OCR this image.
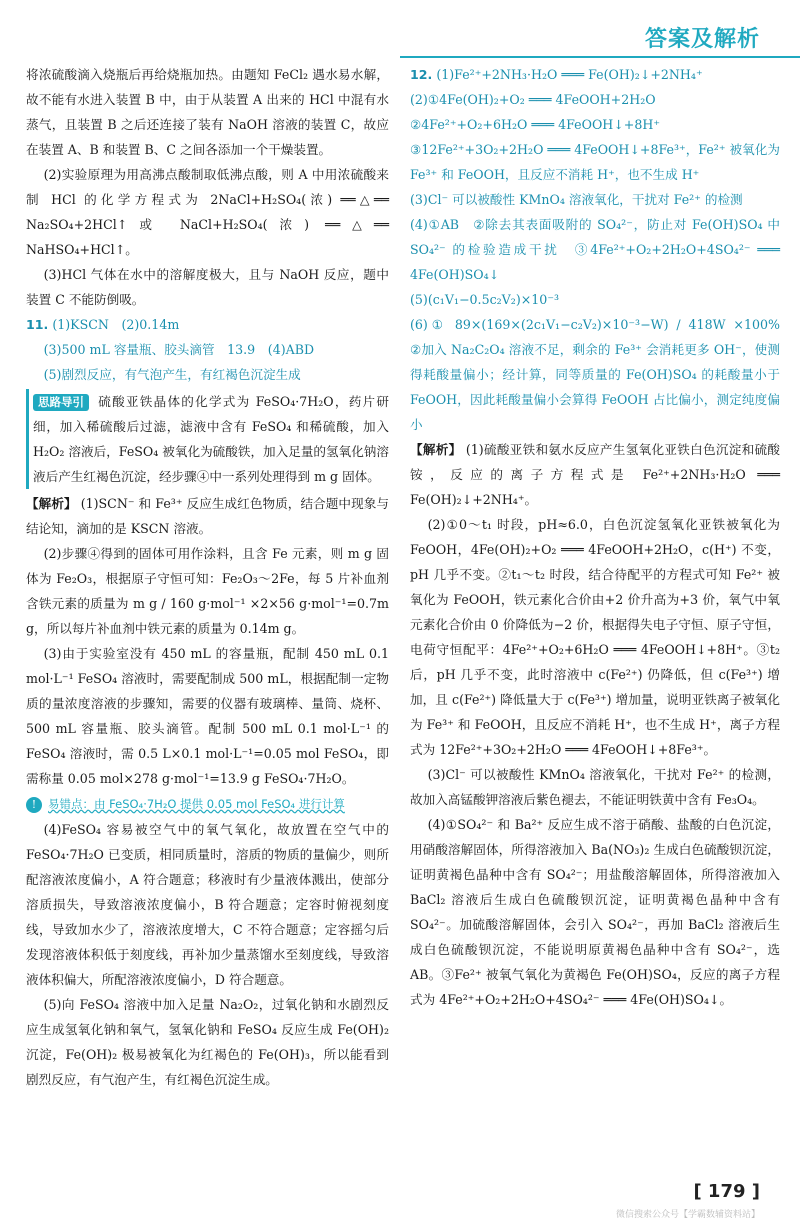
答案及解析

将浓硫酸滴入烧瓶后再给烧瓶加热。由题知 FeCl₂ 遇水易水解，故不能有水进入装置 B 中，由于从装置 A 出来的 HCl 中混有水蒸气，且装置 B 之后还连接了装有 NaOH 溶液的装置 C，故应在装置 A、B 和装置 B、C 之间各添加一个干燥装置。

(2)实验原理为用高沸点酸制取低沸点酸，则 A 中用浓硫酸来制 HCl 的化学方程式为 2NaCl+H₂SO₄(浓) ══△══ Na₂SO₄+2HCl↑或 NaCl+H₂SO₄(浓) ══△══ NaHSO₄+HCl↑。

(3)HCl 气体在水中的溶解度极大，且与 NaOH 反应，题中装置 C 不能防倒吸。

11. (1)KSCN　(2)0.14m

(3)500 mL 容量瓶、胶头滴管　13.9　(4)ABD

(5)剧烈反应，有气泡产生，有红褐色沉淀生成

思路导引 硫酸亚铁晶体的化学式为 FeSO₄·7H₂O，药片研细，加入稀硫酸后过滤，滤液中含有 FeSO₄ 和稀硫酸，加入 H₂O₂ 溶液后，FeSO₄ 被氧化为硫酸铁，加入足量的氢氧化钠溶液后产生红褐色沉淀，经步骤④中一系列处理得到 m g 固体。

【解析】 (1)SCN⁻ 和 Fe³⁺ 反应生成红色物质，结合题中现象与结论知，滴加的是 KSCN 溶液。

(2)步骤④得到的固体可用作涂料，且含 Fe 元素，则 m g 固体为 Fe₂O₃，根据原子守恒可知：Fe₂O₃～2Fe，每 5 片补血剂含铁元素的质量为 m g / 160 g·mol⁻¹ ×2×56 g·mol⁻¹=0.7m g，所以每片补血剂中铁元素的质量为 0.14m g。

(3)由于实验室没有 450 mL 的容量瓶，配制 450 mL 0.1 mol·L⁻¹ FeSO₄ 溶液时，需要配制成 500 mL，根据配制一定物质的量浓度溶液的步骤知，需要的仪器有玻璃棒、量筒、烧杯、500 mL 容量瓶、胶头滴管。配制 500 mL 0.1 mol·L⁻¹ 的 FeSO₄ 溶液时，需 0.5 L×0.1 mol·L⁻¹=0.05 mol FeSO₄，即需称量 0.05 mol×278 g·mol⁻¹=13.9 g FeSO₄·7H₂O。

! 易错点：由 FeSO₄·7H₂O 提供 0.05 mol FeSO₄ 进行计算

(4)FeSO₄ 容易被空气中的氧气氧化，故放置在空气中的 FeSO₄·7H₂O 已变质，相同质量时，溶质的物质的量偏少，则所配溶液浓度偏小，A 符合题意；移液时有少量液体溅出，使部分溶质损失，导致溶液浓度偏小，B 符合题意；定容时俯视刻度线，导致加水少了，溶液浓度增大，C 不符合题意；定容摇匀后发现溶液体积低于刻度线，再补加少量蒸馏水至刻度线，导致溶液体积偏大，所配溶液浓度偏小，D 符合题意。

(5)向 FeSO₄ 溶液中加入足量 Na₂O₂，过氧化钠和水剧烈反应生成氢氧化钠和氧气，氢氧化钠和 FeSO₄ 反应生成 Fe(OH)₂ 沉淀，Fe(OH)₂ 极易被氧化为红褐色的 Fe(OH)₃，所以能看到剧烈反应，有气泡产生，有红褐色沉淀生成。

12. (1)Fe²⁺+2NH₃·H₂O ═══ Fe(OH)₂↓+2NH₄⁺

(2)①4Fe(OH)₂+O₂ ═══ 4FeOOH+2H₂O

②4Fe²⁺+O₂+6H₂O ═══ 4FeOOH↓+8H⁺

③12Fe²⁺+3O₂+2H₂O ═══ 4FeOOH↓+8Fe³⁺，Fe²⁺ 被氧化为 Fe³⁺ 和 FeOOH，且反应不消耗 H⁺，也不生成 H⁺

(3)Cl⁻ 可以被酸性 KMnO₄ 溶液氧化，干扰对 Fe²⁺ 的检测

(4)①AB　②除去其表面吸附的 SO₄²⁻，防止对 Fe(OH)SO₄ 中 SO₄²⁻ 的检验造成干扰　③4Fe²⁺+O₂+2H₂O+4SO₄²⁻ ═══ 4Fe(OH)SO₄↓

(5)(c₁V₁−0.5c₂V₂)×10⁻³

(6)① 89×(169×(2c₁V₁−c₂V₂)×10⁻³−W) / 418W ×100%　②加入 Na₂C₂O₄ 溶液不足，剩余的 Fe³⁺ 会消耗更多 OH⁻，使测得耗酸量偏小；经计算，同等质量的 Fe(OH)SO₄ 的耗酸量小于 FeOOH，因此耗酸量偏小会算得 FeOOH 占比偏小，测定纯度偏小

【解析】 (1)硫酸亚铁和氨水反应产生氢氧化亚铁白色沉淀和硫酸铵，反应的离子方程式是 Fe²⁺+2NH₃·H₂O ═══ Fe(OH)₂↓+2NH₄⁺。

(2)①0～t₁ 时段，pH≈6.0，白色沉淀氢氧化亚铁被氧化为 FeOOH，4Fe(OH)₂+O₂ ═══ 4FeOOH+2H₂O，c(H⁺) 不变，pH 几乎不变。②t₁～t₂ 时段，结合待配平的方程式可知 Fe²⁺ 被氧化为 FeOOH，铁元素化合价由+2 价升高为+3 价，氧气中氧元素化合价由 0 价降低为−2 价，根据得失电子守恒、原子守恒，电荷守恒配平：4Fe²⁺+O₂+6H₂O ═══ 4FeOOH↓+8H⁺。③t₂ 后，pH 几乎不变，此时溶液中 c(Fe²⁺) 仍降低，但 c(Fe³⁺) 增加，且 c(Fe²⁺) 降低量大于 c(Fe³⁺) 增加量，说明亚铁离子被氧化为 Fe³⁺ 和 FeOOH，且反应不消耗 H⁺，也不生成 H⁺，离子方程式为 12Fe²⁺+3O₂+2H₂O ═══ 4FeOOH↓+8Fe³⁺。

(3)Cl⁻ 可以被酸性 KMnO₄ 溶液氧化，干扰对 Fe²⁺ 的检测，故加入高锰酸钾溶液后紫色褪去，不能证明铁黄中含有 Fe₃O₄。

(4)①SO₄²⁻ 和 Ba²⁺ 反应生成不溶于硝酸、盐酸的白色沉淀，用硝酸溶解固体，所得溶液加入 Ba(NO₃)₂ 生成白色硫酸钡沉淀，证明黄褐色晶种中含有 SO₄²⁻；用盐酸溶解固体，所得溶液加入 BaCl₂ 溶液后生成白色硫酸钡沉淀，证明黄褐色晶种中含有 SO₄²⁻。加硫酸溶解固体，会引入 SO₄²⁻，再加 BaCl₂ 溶液后生成白色硫酸钡沉淀，不能说明原黄褐色晶种中含有 SO₄²⁻，选 AB。③Fe²⁺ 被氧气氧化为黄褐色 Fe(OH)SO₄，反应的离子方程式为 4Fe²⁺+O₂+2H₂O+4SO₄²⁻ ═══ 4Fe(OH)SO₄↓。

[ 179 ]
微信搜索公众号【学霸数辅资料站】
